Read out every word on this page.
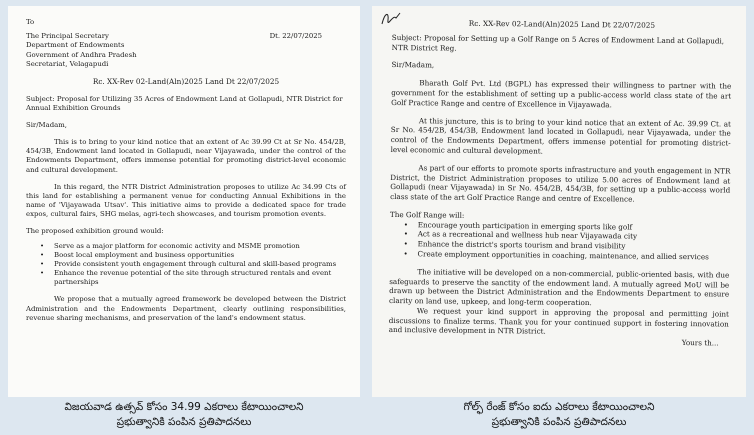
To
The Principal Secretary
Department of Endowments
Government of Andhra Pradesh
Secretariat, Velagapudi
Dt. 22/07/2025
Rc. XX-Rev 02-Land(Aln)2025 Land Dt 22/07/2025

Subject: Proposal for Utilizing 35 Acres of Endowment Land at Gollapudi, NTR District for Annual Exhibition Grounds

Sir/Madam,

This is to bring to your kind notice that an extent of Ac 39.99 Ct at Sr No. 454/2B, 454/3B, Endowment land located in Gollapudi, near Vijayawada, under the control of the Endowments Department, offers immense potential for promoting district-level economic and cultural development.

In this regard, the NTR District Administration proposes to utilize Ac 34.99 Cts of this land for establishing a permanent venue for conducting Annual Exhibitions in the name of 'Vijayawada Utsav'. This initiative aims to provide a dedicated space for trade expos, cultural fairs, SHG melas, agri-tech showcases, and tourism promotion events.

The proposed exhibition ground would:

• Serve as a major platform for economic activity and MSME promotion
• Boost local employment and business opportunities
• Provide consistent youth engagement through cultural and skill-based programs
• Enhance the revenue potential of the site through structured rentals and event partnerships

We propose that a mutually agreed framework be developed between the District Administration and the Endowments Department, clearly outlining responsibilities, revenue sharing mechanisms, and preservation of the land's endowment status.

Rc. XX-Rev 02-Land(Aln)2025 Land Dt 22/07/2025

Subject: Proposal for Setting up a Golf Range on 5 Acres of Endowment Land at Gollapudi, NTR District Reg.

Sir/Madam,

Bharath Golf Pvt. Ltd (BGPL) has expressed their willingness to partner with the government for the establishment of setting up a public-access world class state of the art Golf Practice Range and centre of Excellence in Vijayawada.

At this juncture, this is to bring to your kind notice that an extent of Ac. 39.99 Ct. at Sr No. 454/2B, 454/3B, Endowment land located in Gollapudi, near Vijayawada, under the control of the Endowments Department, offers immense potential for promoting district-level economic and cultural development.

As part of our efforts to promote sports infrastructure and youth engagement in NTR District, the District Administration proposes to utilize 5.00 acres of Endowment land at Gollapudi (near Vijayawada) in Sr No. 454/2B, 454/3B, for setting up a public-access world class state of the art Golf Practice Range and centre of Excellence.

The Golf Range will:

• Encourage youth participation in emerging sports like golf
• Act as a recreational and wellness hub near Vijayawada city
• Enhance the district's sports tourism and brand visibility
• Create employment opportunities in coaching, maintenance, and allied services

The initiative will be developed on a non-commercial, public-oriented basis, with due safeguards to preserve the sanctity of the endowment land. A mutually agreed MoU will be drawn up between the District Administration and the Endowments Department to ensure clarity on land use, upkeep, and long-term cooperation.

We request your kind support in approving the proposal and permitting joint discussions to finalize terms. Thank you for your continued support in fostering innovation and inclusive development in NTR District.

Yours th...

విజయవాడ ఉత్సవ్ కోసం 34.99 ఎకరాలు కేటాయించాలని
ప్రభుత్వానికి పంపిన ప్రతిపాదనలు
గోల్ఫ్ రేంజ్ కోసం ఐదు ఎకరాలు కేటాయించాలని
ప్రభుత్వానికి పంపిన ప్రతిపాదనలు
